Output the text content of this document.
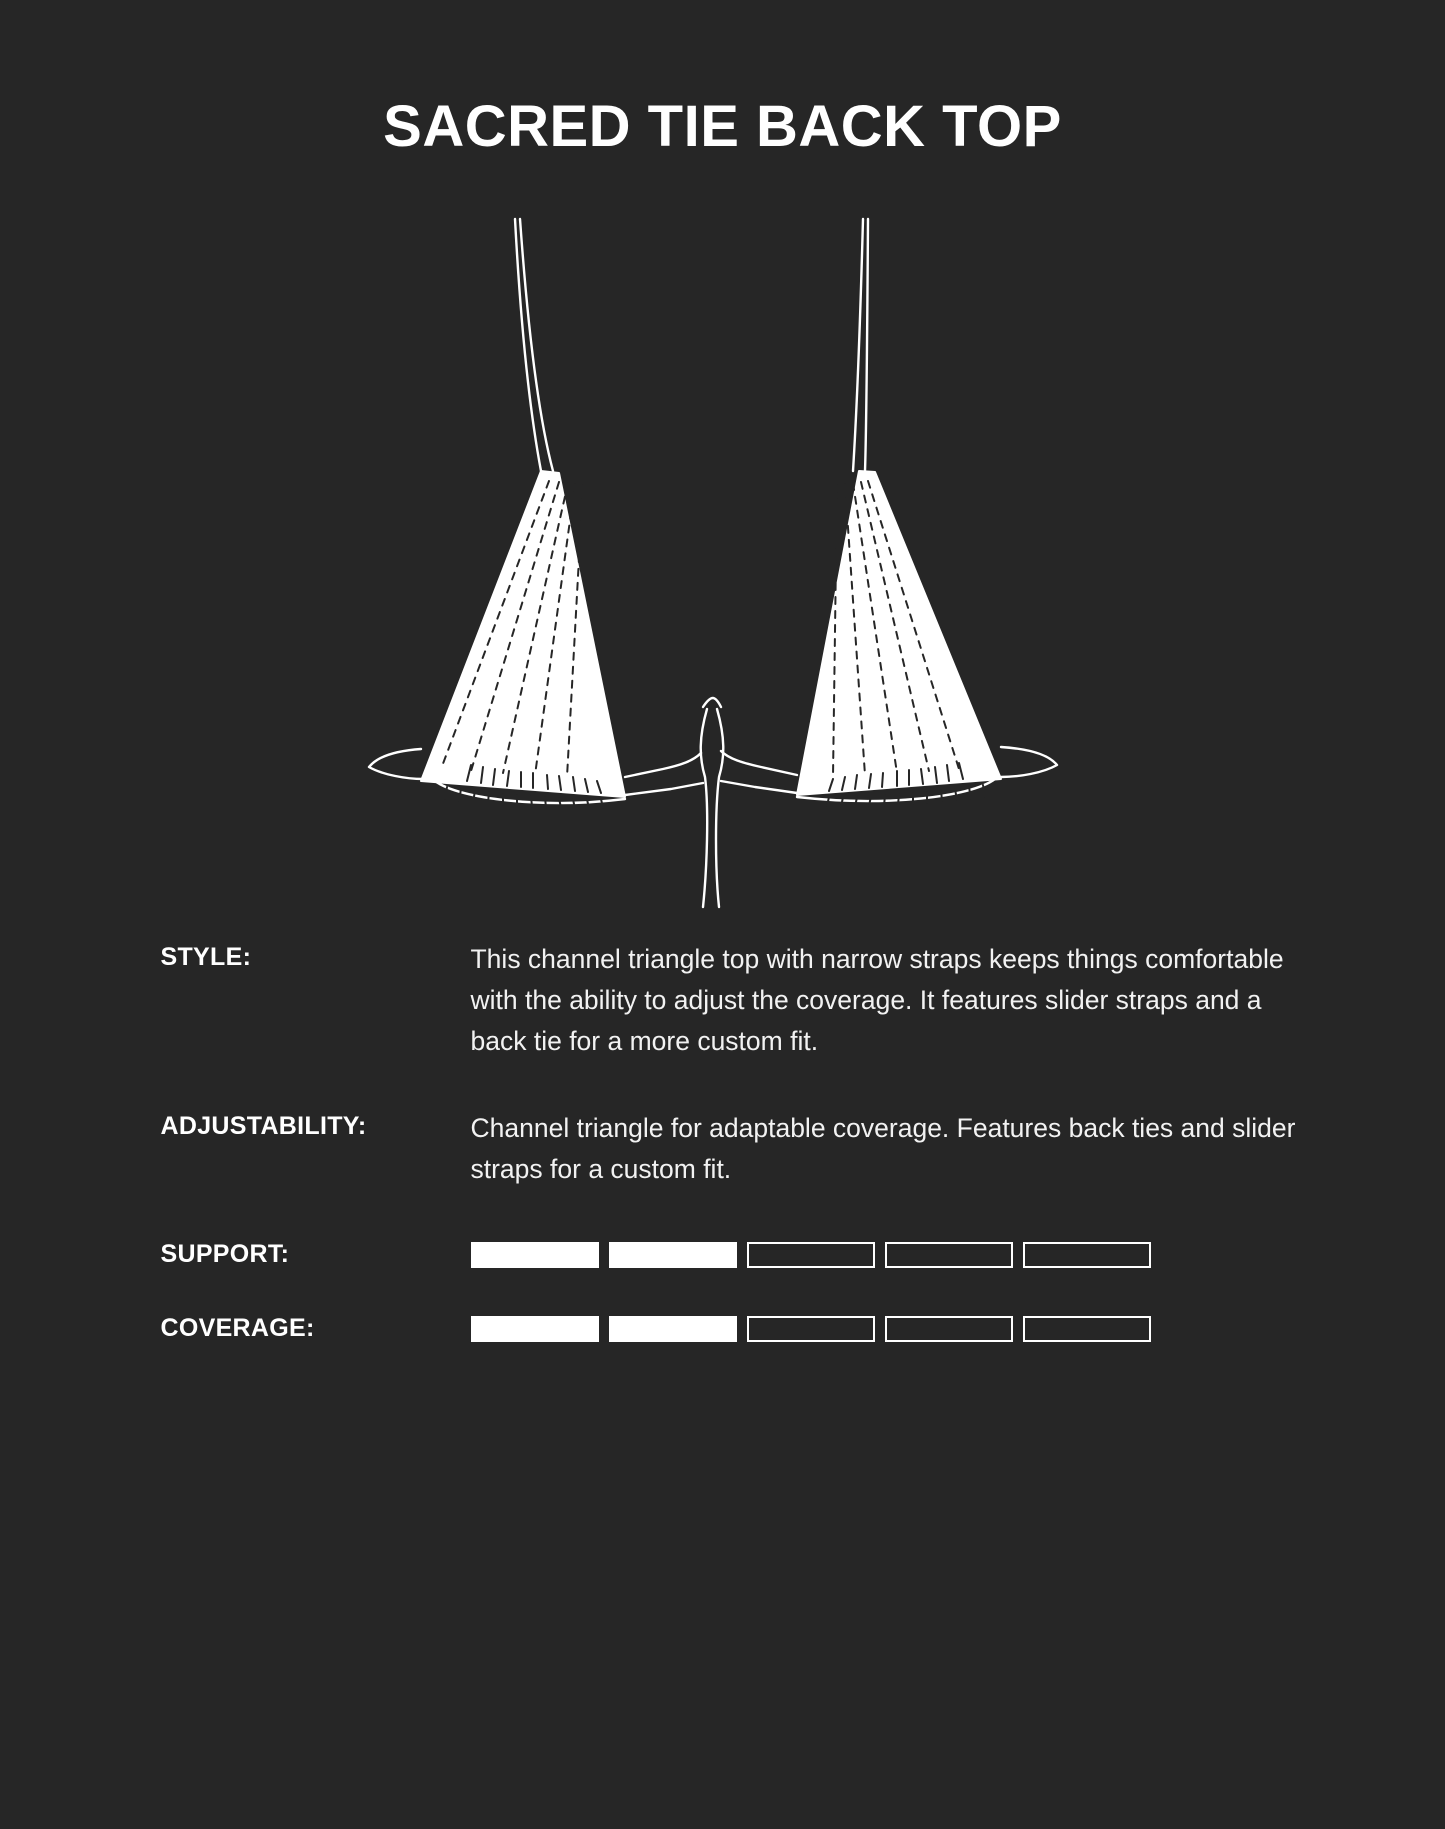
SACRED TIE BACK TOP
STYLE:	This channel triangle top with narrow straps keeps things comfortable with the ability to adjust the coverage. It features slider straps and a back tie for a more custom fit.
ADJUSTABILITY:	Channel triangle for adaptable coverage. Features back ties and slider straps for a custom fit.
SUPPORT:
COVERAGE:
